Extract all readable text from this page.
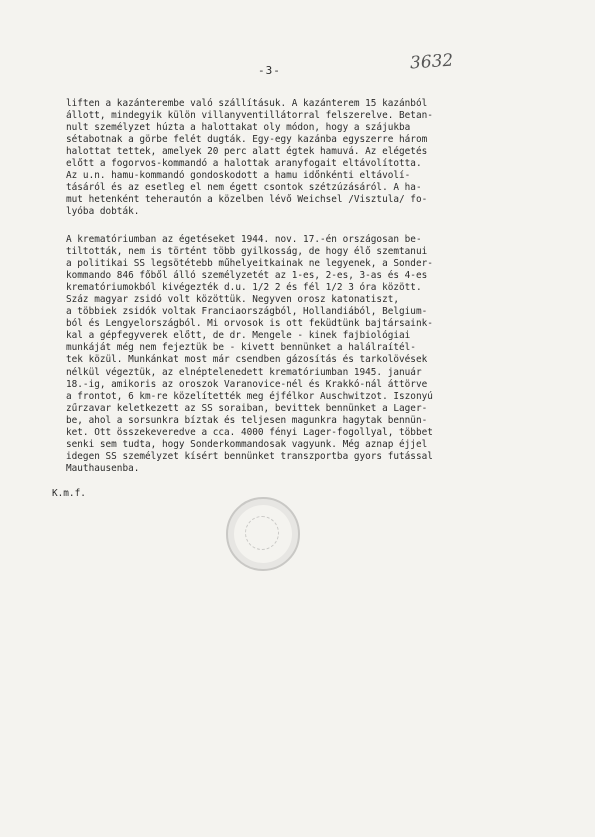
-3-	3632
liften a kazánterembe való szállításuk. A kazánterem 15 kazánból
állott, mindegyik külön villanyventillátorral felszerelve. Betan-
nult személyzet húzta a halottakat oly módon, hogy a szájukba
sétabotnak a görbe felét dugták. Egy-egy kazánba egyszerre három
halottat tettek, amelyek 20 perc alatt égtek hamuvá. Az elégetés
előtt a fogorvos-kommandó a halottak aranyfogait eltávolította.
Az u.n. hamu-kommandó gondoskodott a hamu időnkénti eltávolí-
tásáról és az esetleg el nem égett csontok szétzúzásáról. A ha-
mut hetenként teherautón a közelben lévő Weichsel /Visztula/ fo-
lyóba dobták.
A krematóriumban az égetéseket 1944. nov. 17.-én országosan be-
tiltották, nem is történt több gyilkosság, de hogy élő szemtanui
a politikai SS legsötétebb műhelyeitkainak ne legyenek, a Sonder-
kommando 846 főből álló személyzetét az 1-es, 2-es, 3-as és 4-es
krematóriumokból kivégezték d.u. 1/2 2 és fél 1/2 3 óra között.
Száz magyar zsidó volt közöttük. Negyven orosz katonatiszt,
a többiek zsidók voltak Franciaországból, Hollandiából, Belgium-
ból és Lengyelországból. Mi orvosok is ott feküdtünk bajtársaink-
kal a gépfegyverek előtt, de dr. Mengele - kinek fajbiológiai
munkáját még nem fejeztük be - kivett bennünket a halálraítél-
tek közül. Munkánkat most már csendben gázosítás és tarkolövések
nélkül végeztük, az elnéptelenedett krematóriumban 1945. január
18.-ig, amikoris az oroszok Varanovice-nél és Krakkó-nál áttörve
a frontot, 6 km-re közelítették meg éjfélkor Auschwitzot. Iszonyú
zűrzavar keletkezett az SS soraiban, bevittek bennünket a Lager-
be, ahol a sorsunkra bíztak és teljesen magunkra hagytak bennün-
ket. Ott összekeveredve a cca. 4000 fényi Lager-fogollyal, többet
senki sem tudta, hogy Sonderkommandosak vagyunk. Még aznap éjjel
idegen SS személyzet kísért bennünket transzportba gyors futással
Mauthausenba.
K.m.f.
